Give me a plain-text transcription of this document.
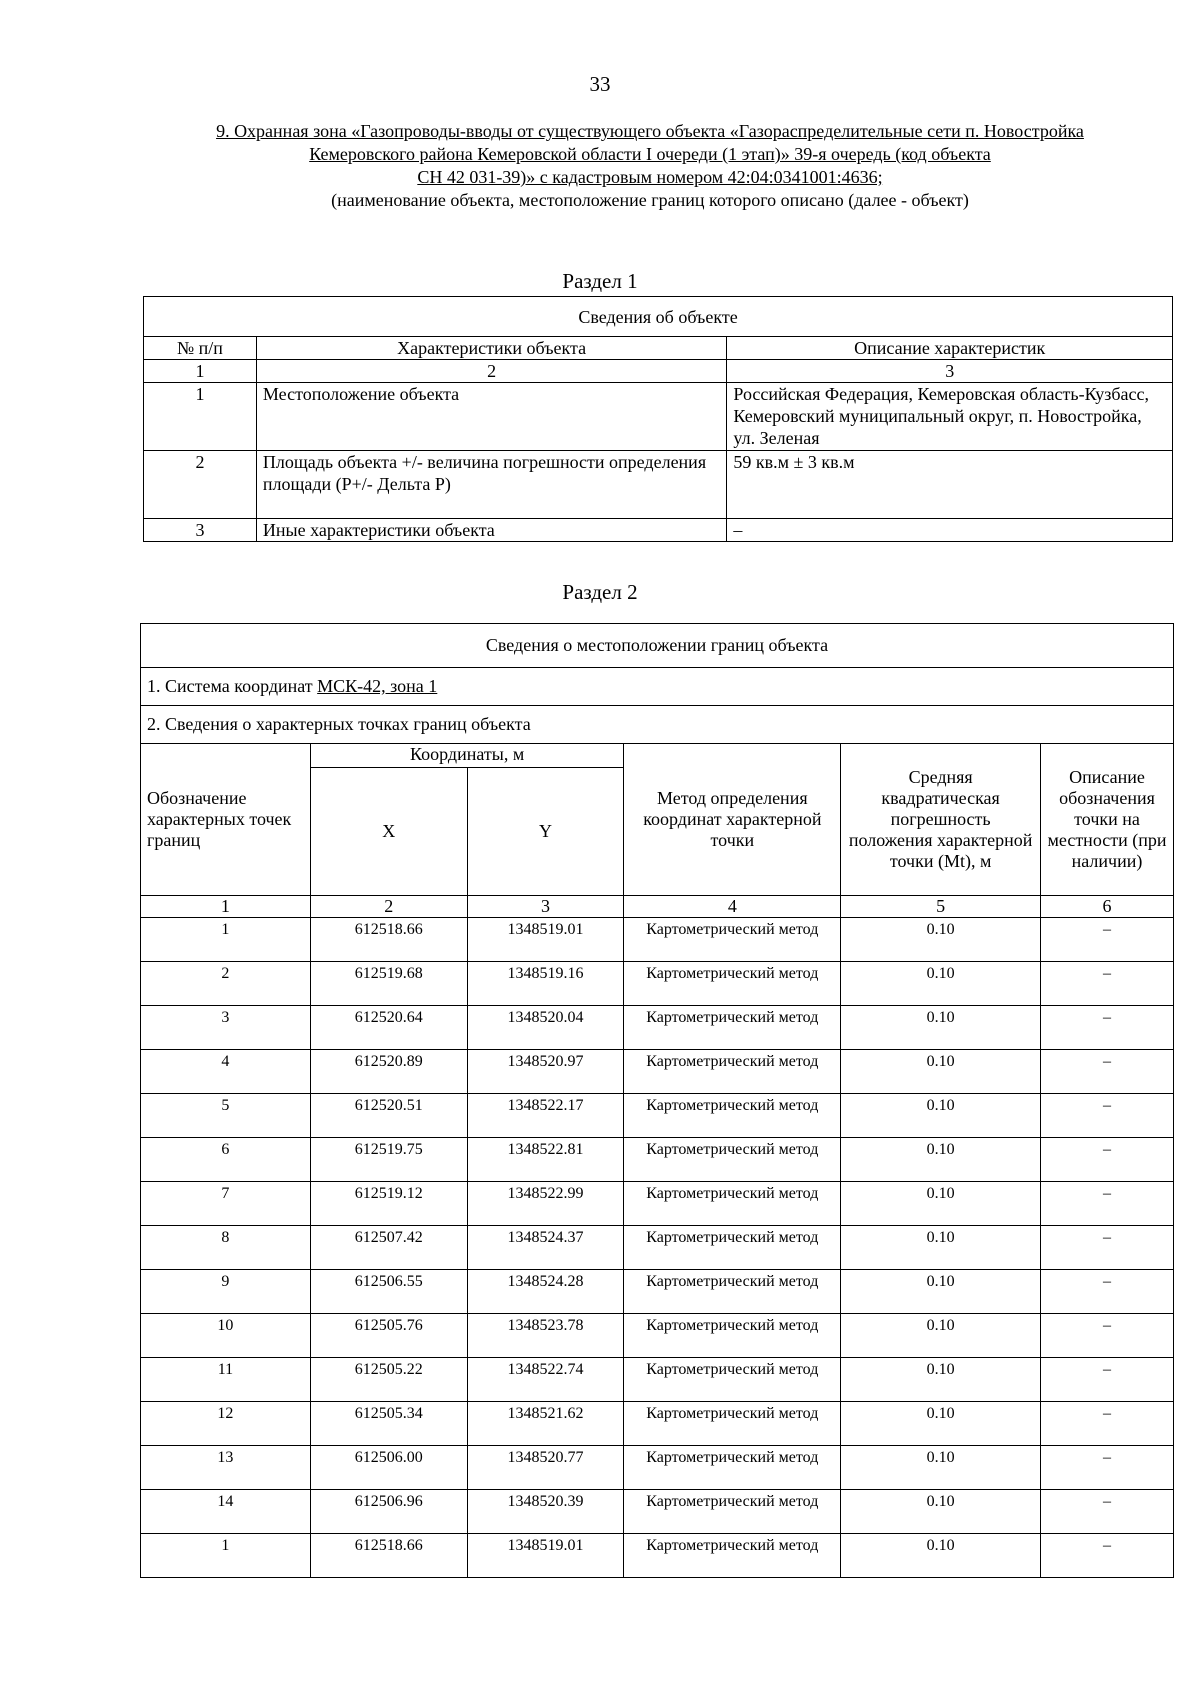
33
9. Охранная зона «Газопроводы-вводы от существующего объекта «Газораспределительные сети п. Новостройка
Кемеровского района Кемеровской области I очереди (1 этап)» 39-я очередь (код объекта
СН 42 031-39)» с кадастровым номером 42:04:0341001:4636;
(наименование объекта, местоположение границ которого описано (далее - объект)
Раздел 1
Сведения об объекте		
№ п/п	Характеристики объекта	Описание характеристик
1	2	3
1	Местоположение объекта	Российская Федерация, Кемеровская область-Кузбасс, Кемеровский муниципальный округ, п. Новостройка, ул. Зеленая
2	Площадь объекта +/- величина погрешности определения площади (Р+/- Дельта Р)	59 кв.м ± 3 кв.м
3	Иные характеристики объекта	–
Раздел 2
Сведения о местоположении границ объекта					
1. Система координат МСК-42, зона 1					
2. Сведения о характерных точках границ объекта					
Обозначение характерных точек границ	Координаты, м		Метод определения координат характерной точки	Средняя квадратическая погрешность положения характерной точки (Мt), м	Описание обозначения точки на местности (при наличии)
	X	Y			
1	2	3	4	5	6
1	612518.66	1348519.01	Картометрический метод	0.10	–
2	612519.68	1348519.16	Картометрический метод	0.10	–
3	612520.64	1348520.04	Картометрический метод	0.10	–
4	612520.89	1348520.97	Картометрический метод	0.10	–
5	612520.51	1348522.17	Картометрический метод	0.10	–
6	612519.75	1348522.81	Картометрический метод	0.10	–
7	612519.12	1348522.99	Картометрический метод	0.10	–
8	612507.42	1348524.37	Картометрический метод	0.10	–
9	612506.55	1348524.28	Картометрический метод	0.10	–
10	612505.76	1348523.78	Картометрический метод	0.10	–
11	612505.22	1348522.74	Картометрический метод	0.10	–
12	612505.34	1348521.62	Картометрический метод	0.10	–
13	612506.00	1348520.77	Картометрический метод	0.10	–
14	612506.96	1348520.39	Картометрический метод	0.10	–
1	612518.66	1348519.01	Картометрический метод	0.10	–
